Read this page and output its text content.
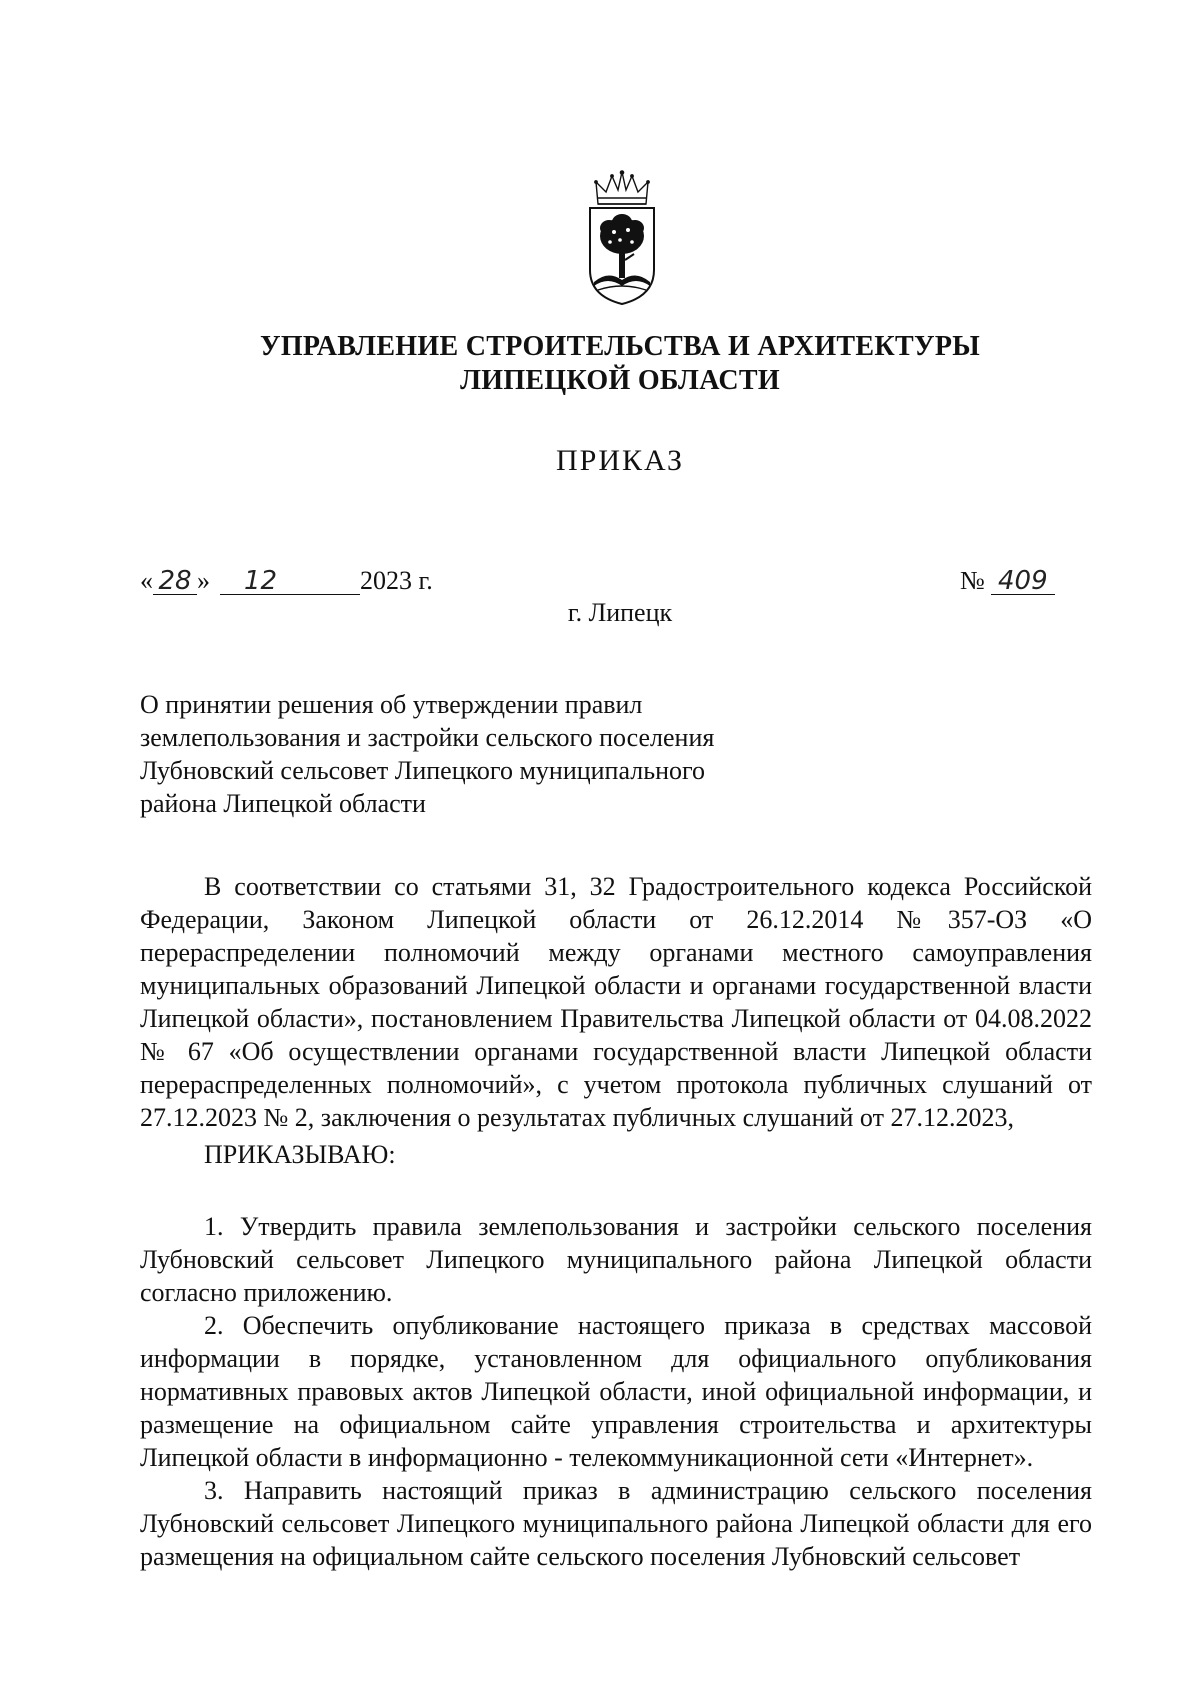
УПРАВЛЕНИЕ СТРОИТЕЛЬСТВА И АРХИТЕКТУРЫ
ЛИПЕЦКОЙ ОБЛАСТИ
ПРИКАЗ
« 28 » 12	2023 г.	№ 409
г. Липецк
О принятии решения об утверждении правил
землепользования и застройки сельского поселения
Лубновский сельсовет Липецкого муниципального
района Липецкой области

В соответствии со статьями 31, 32 Градостроительного кодекса Российской Федерации, Законом Липецкой области от 26.12.2014 №357-ОЗ «О перераспределении полномочий между органами местного самоуправления муниципальных образований Липецкой области и органами государственной власти Липецкой области», постановлением Правительства Липецкой области от 04.08.2022 № 67 «Об осуществлении органами государственной власти Липецкой области перераспределенных полномочий», с учетом протокола публичных слушаний от 27.12.2023 № 2, заключения о результатах публичных слушаний от 27.12.2023,

ПРИКАЗЫВАЮ:

1. Утвердить правила землепользования и застройки сельского поселения Лубновский сельсовет Липецкого муниципального района Липецкой области согласно приложению.

2. Обеспечить опубликование настоящего приказа в средствах массовой информации в порядке, установленном для официального опубликования нормативных правовых актов Липецкой области, иной официальной информации, и размещение на официальном сайте управления строительства и архитектуры Липецкой области в информационно - телекоммуникационной сети «Интернет».

3. Направить настоящий приказ в администрацию сельского поселения Лубновский сельсовет Липецкого муниципального района Липецкой области для его размещения на официальном сайте сельского поселения Лубновский сельсовет
